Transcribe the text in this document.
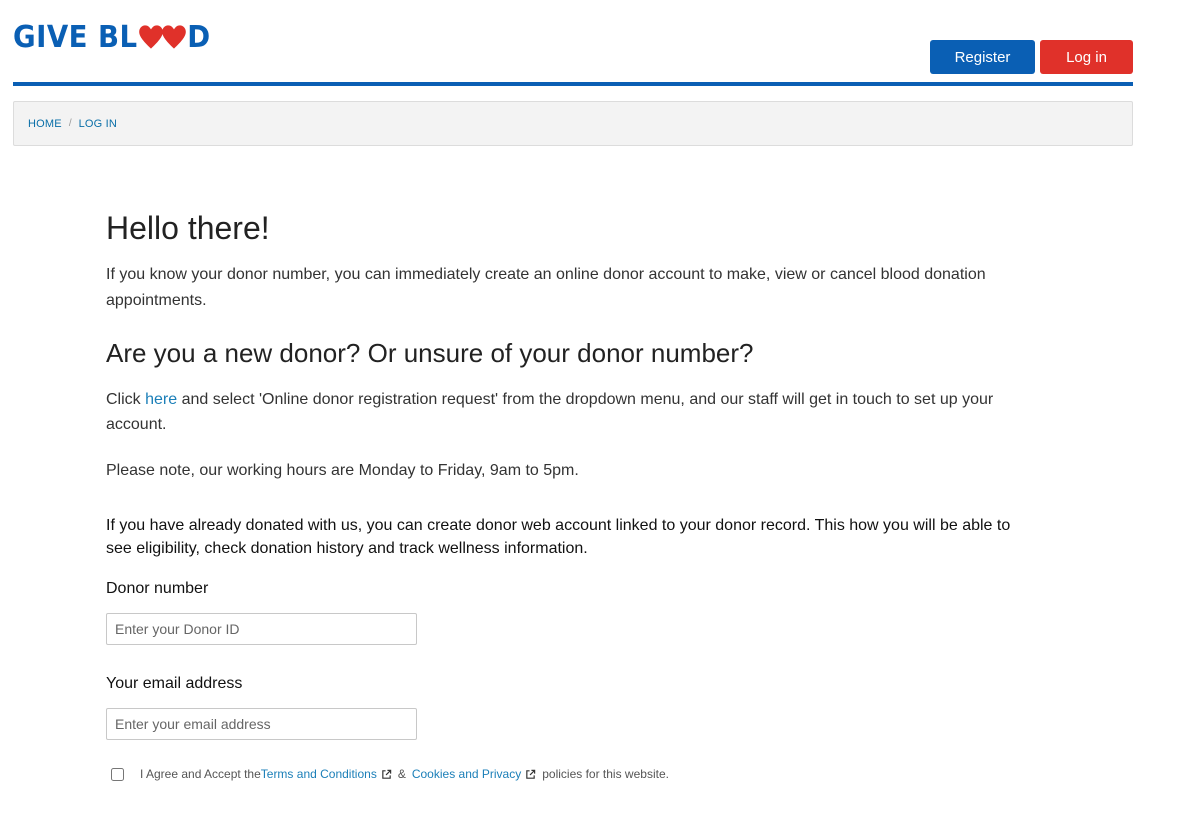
GIVE BL D
Register	Log in
HOME / LOG IN
Hello there!

If you know your donor number, you can immediately create an online donor account to make, view or cancel blood donation appointments.

Are you a new donor? Or unsure of your donor number?

Click here and select 'Online donor registration request' from the dropdown menu, and our staff will get in touch to set up your account.

Please note, our working hours are Monday to Friday, 9am to 5pm.

If you have already donated with us, you can create donor web account linked to your donor record. This how you will be able to see eligibility, check donation history and track wellness information.

Donor number
Enter your Donor ID
Your email address
Enter your email address
I Agree and Accept the Terms and Conditions & Cookies and Privacy policies for this website.
